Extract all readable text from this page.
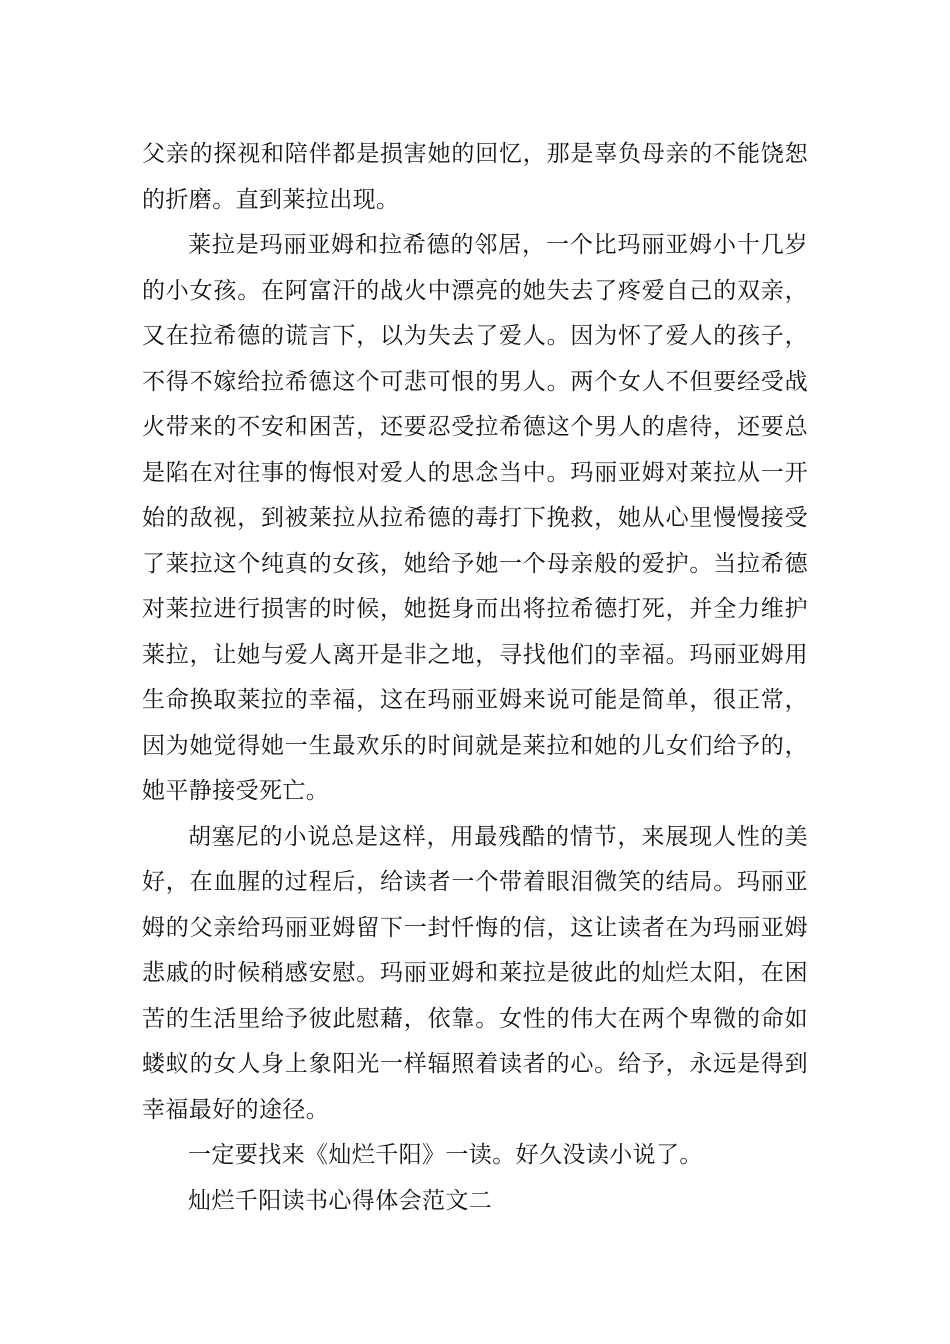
父亲的探视和陪伴都是损害她的回忆，那是辜负母亲的不能饶恕的折磨。直到莱拉出现。

莱拉是玛丽亚姆和拉希德的邻居，一个比玛丽亚姆小十几岁的小女孩。在阿富汗的战火中漂亮的她失去了疼爱自己的双亲，又在拉希德的谎言下，以为失去了爱人。因为怀了爱人的孩子，不得不嫁给拉希德这个可悲可恨的男人。两个女人不但要经受战火带来的不安和困苦，还要忍受拉希德这个男人的虐待，还要总是陷在对往事的悔恨对爱人的思念当中。玛丽亚姆对莱拉从一开始的敌视，到被莱拉从拉希德的毒打下挽救，她从心里慢慢接受了莱拉这个纯真的女孩，她给予她一个母亲般的爱护。当拉希德对莱拉进行损害的时候，她挺身而出将拉希德打死，并全力维护莱拉，让她与爱人离开是非之地，寻找他们的幸福。玛丽亚姆用生命换取莱拉的幸福，这在玛丽亚姆来说可能是简单，很正常，因为她觉得她一生最欢乐的时间就是莱拉和她的儿女们给予的，她平静接受死亡。

胡塞尼的小说总是这样，用最残酷的情节，来展现人性的美好，在血腥的过程后，给读者一个带着眼泪微笑的结局。玛丽亚姆的父亲给玛丽亚姆留下一封忏悔的信，这让读者在为玛丽亚姆悲戚的时候稍感安慰。玛丽亚姆和莱拉是彼此的灿烂太阳，在困苦的生活里给予彼此慰藉，依靠。女性的伟大在两个卑微的命如蝼蚁的女人身上象阳光一样辐照着读者的心。给予，永远是得到幸福最好的途径。

一定要找来《灿烂千阳》一读。好久没读小说了。

灿烂千阳读书心得体会范文二
